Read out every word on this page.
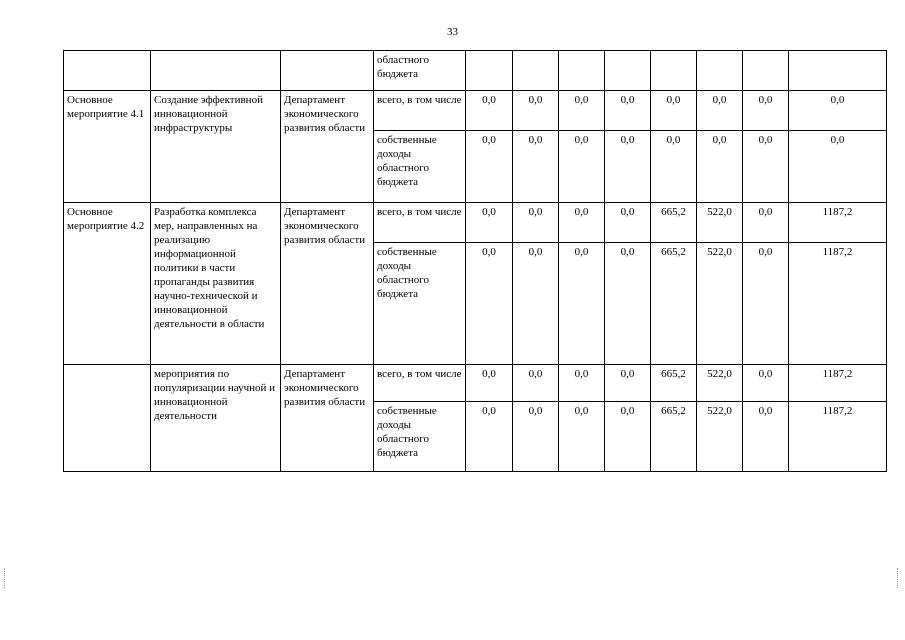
33
			областного бюджета								
Основное мероприятие 4.1	Создание эффективной инновационной инфраструктуры	Департамент экономического развития области	всего, в том числе	0,0	0,0	0,0	0,0	0,0	0,0	0,0	0,0
			собственные доходы областного бюджета	0,0	0,0	0,0	0,0	0,0	0,0	0,0	0,0
Основное мероприятие 4.2	Разработка комплекса мер, направленных на реализацию информационной политики в части пропаганды развития научно-технической и инновационной деятельности в области	Департамент экономического развития области	всего, в том числе	0,0	0,0	0,0	0,0	665,2	522,0	0,0	1187,2
			собственные доходы областного бюджета	0,0	0,0	0,0	0,0	665,2	522,0	0,0	1187,2
	мероприятия по популяризации научной и инновационной деятельности	Департамент экономического развития области	всего, в том числе	0,0	0,0	0,0	0,0	665,2	522,0	0,0	1187,2
			собственные доходы областного бюджета	0,0	0,0	0,0	0,0	665,2	522,0	0,0	1187,2
